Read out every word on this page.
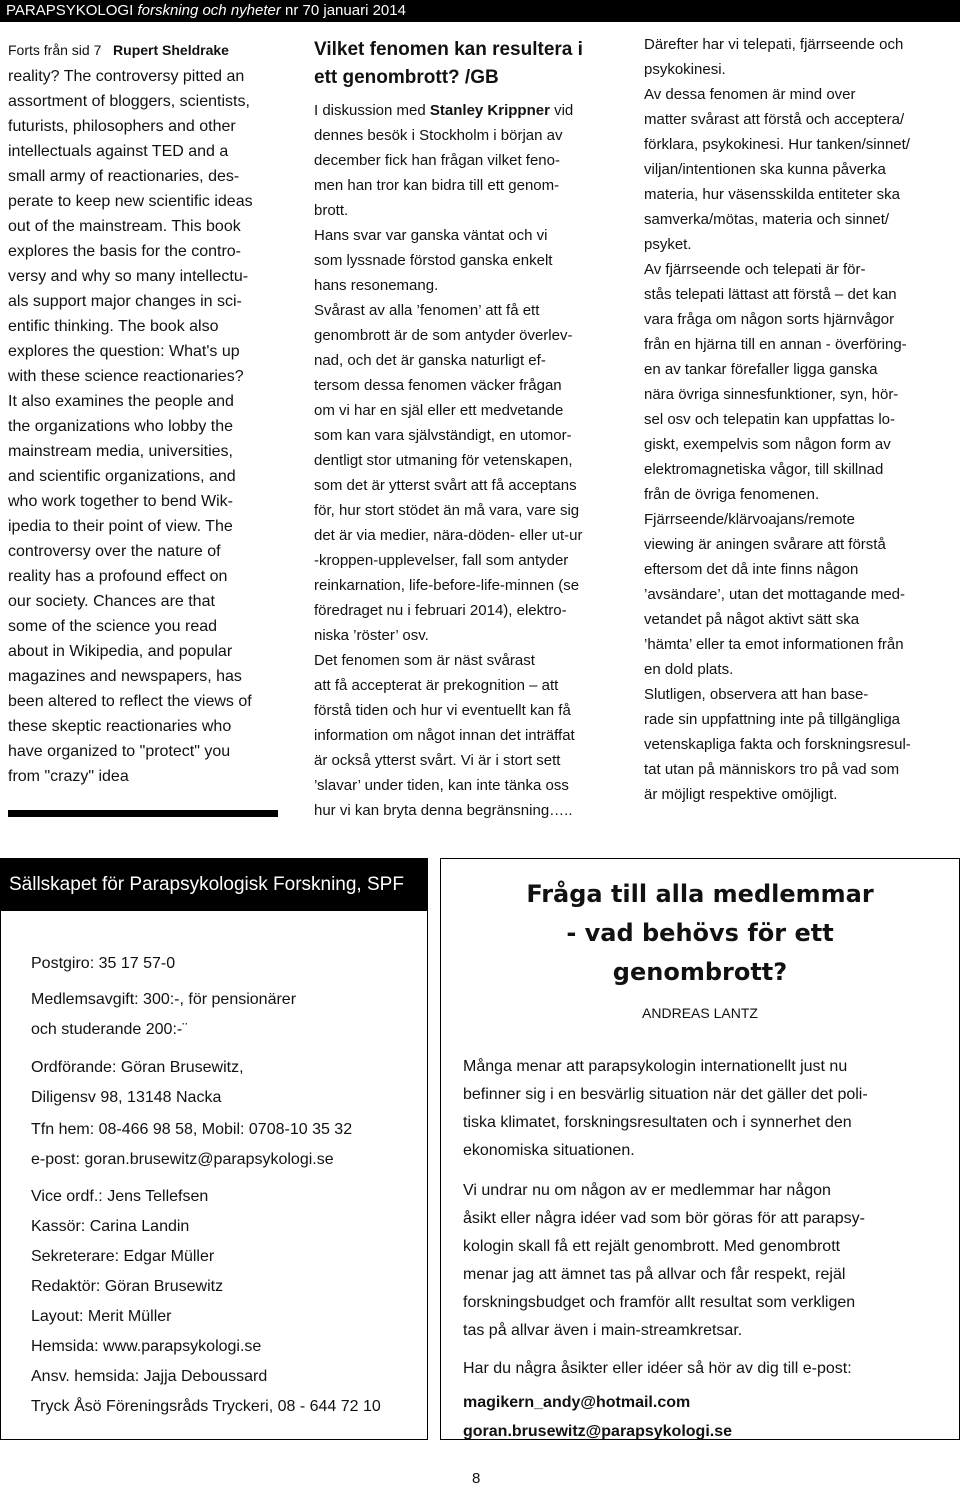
PARAPSYKOLOGI forskning och nyheter nr 70 januari 2014
Forts från sid 7 Rupert Sheldrake

reality? The controversy pitted an
assortment of bloggers, scientists,
futurists, philosophers and other
intellectuals against TED and a
small army of reactionaries, des-
perate to keep new scientific ideas
out of the mainstream. This book
explores the basis for the contro-
versy and why so many intellectu-
als support major changes in sci-
entific thinking. The book also
explores the question: What's up
with these science reactionaries?
It also examines the people and
the organizations who lobby the
mainstream media, universities,
and scientific organizations, and
who work together to bend Wik-
ipedia to their point of view. The
controversy over the nature of
reality has a profound effect on
our society. Chances are that
some of the science you read
about in Wikipedia, and popular
magazines and newspapers, has
been altered to reflect the views of
these skeptic reactionaries who
have organized to "protect" you
from "crazy" idea

Vilket fenomen kan resultera i
ett genombrott? /GB

I diskussion med Stanley Krippner vid
dennes besök i Stockholm i början av
december fick han frågan vilket feno-
men han tror kan bidra till ett genom-
brott.

Hans svar var ganska väntat och vi
som lyssnade förstod ganska enkelt
hans resonemang.

Svårast av alla ’fenomen’ att få ett
genombrott är de som antyder överlev-
nad, och det är ganska naturligt ef-
tersom dessa fenomen väcker frågan
om vi har en själ eller ett medvetande
som kan vara självständigt, en utomor-
dentligt stor utmaning för vetenskapen,
som det är ytterst svårt att få acceptans
för, hur stort stödet än må vara, vare sig
det är via medier, nära-döden- eller ut-ur
-kroppen-upplevelser, fall som antyder
reinkarnation, life-before-life-minnen (se
föredraget nu i februari 2014), elektro-
niska ’röster’ osv.

Det fenomen som är näst svårast
att få accepterat är prekognition – att
förstå tiden och hur vi eventuellt kan få
information om något innan det inträffat
är också ytterst svårt. Vi är i stort sett
’slavar’ under tiden, kan inte tänka oss
hur vi kan bryta denna begränsning…..

Därefter har vi telepati, fjärrseende och
psykokinesi.

Av dessa fenomen är mind over
matter svårast att förstå och acceptera/
förklara, psykokinesi. Hur tanken/sinnet/
viljan/intentionen ska kunna påverka
materia, hur väsensskilda entiteter ska
samverka/mötas, materia och sinnet/
psyket.

Av fjärrseende och telepati är för-
stås telepati lättast att förstå – det kan
vara fråga om någon sorts hjärnvågor
från en hjärna till en annan - överföring-
en av tankar förefaller ligga ganska
nära övriga sinnesfunktioner, syn, hör-
sel osv och telepatin kan uppfattas lo-
giskt, exempelvis som någon form av
elektromagnetiska vågor, till skillnad
från de övriga fenomenen.

Fjärrseende/klärvoajans/remote
viewing är aningen svårare att förstå
eftersom det då inte finns någon
’avsändare’, utan det mottagande med-
vetandet på något aktivt sätt ska
’hämta’ eller ta emot informationen från
en dold plats.

Slutligen, observera att han base-
rade sin uppfattning inte på tillgängliga
vetenskapliga fakta och forskningsresul-
tat utan på människors tro på vad som
är möjligt respektive omöjligt.

Sällskapet för Parapsykologisk Forskning, SPF
Postgiro: 35 17 57-0
Medlemsavgift: 300:-, för pensionärer
och studerande 200:-¨
Ordförande: Göran Brusewitz,
Diligensv 98, 13148 Nacka
Tfn hem: 08-466 98 58, Mobil: 0708-10 35 32
e-post: goran.brusewitz@parapsykologi.se
Vice ordf.: Jens Tellefsen
Kassör: Carina Landin
Sekreterare: Edgar Müller
Redaktör: Göran Brusewitz
Layout: Merit Müller
Hemsida: www.parapsykologi.se
Ansv. hemsida: Jajja Deboussard
Tryck Åsö Föreningsråds Tryckeri, 08 - 644 72 10
Fråga till alla medlemmar
- vad behövs för ett
genombrott?

Många menar att parapsykologin internationellt just nu
befinner sig i en besvärlig situation när det gäller det poli-
tiska klimatet, forskningsresultaten och i synnerhet den
ekonomiska situationen.

Vi undrar nu om någon av er medlemmar har någon
åsikt eller några idéer vad som bör göras för att parapsy-
kologin skall få ett rejält genombrott. Med genombrott
menar jag att ämnet tas på allvar och får respekt, rejäl
forskningsbudget och framför allt resultat som verkligen
tas på allvar även i main-streamkretsar.

Har du några åsikter eller idéer så hör av dig till e-post:

magikern_andy@hotmail.com
goran.brusewitz@parapsykologi.se
ANDREAS LANTZ
8
